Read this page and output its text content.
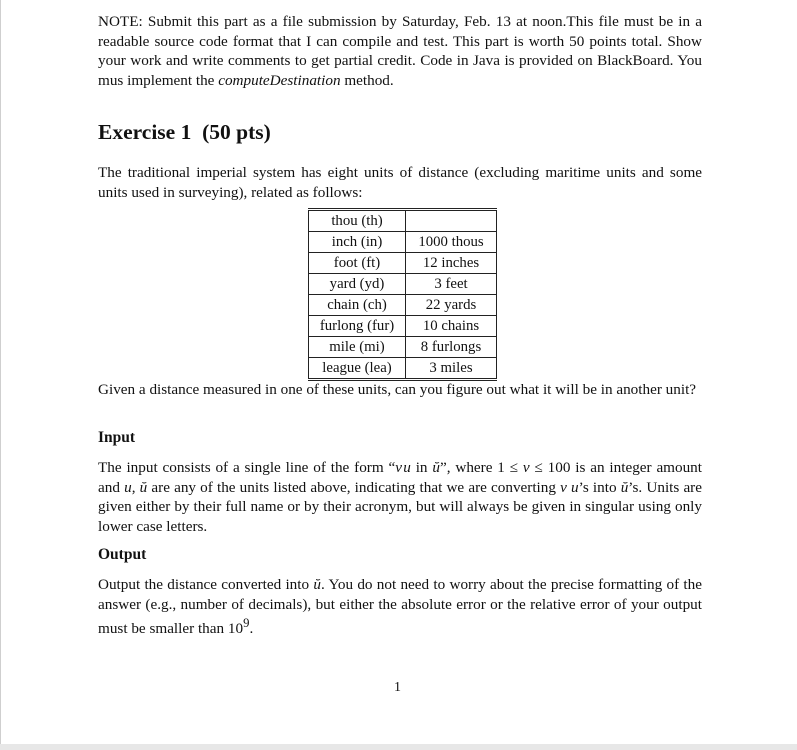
NOTE: Submit this part as a file submission by Saturday, Feb. 13 at noon.This file must be in a readable source code format that I can compile and test. This part is worth 50 points total. Show your work and write comments to get partial credit. Code in Java is provided on BlackBoard. You mus implement the computeDestination method.

Exercise 1 (50 pts)

The traditional imperial system has eight units of distance (excluding maritime units and some units used in surveying), related as follows:

thou (th)	
inch (in)	1000 thous
foot (ft)	12 inches
yard (yd)	3 feet
chain (ch)	22 yards
furlong (fur)	10 chains
mile (mi)	8 furlongs
league (lea)	3 miles

Given a distance measured in one of these units, can you figure out what it will be in another unit?

Input

The input consists of a single line of the form “v u in ŭ”, where 1 ≤ v ≤ 100 is an integer amount and u, ŭ are any of the units listed above, indicating that we are converting v u’s into ŭ’s. Units are given either by their full name or by their acronym, but will always be given in singular using only lower case letters.

Output

Output the distance converted into ŭ. You do not need to worry about the precise formatting of the answer (e.g., number of decimals), but either the absolute error or the relative error of your output must be smaller than $10^9$.

1
